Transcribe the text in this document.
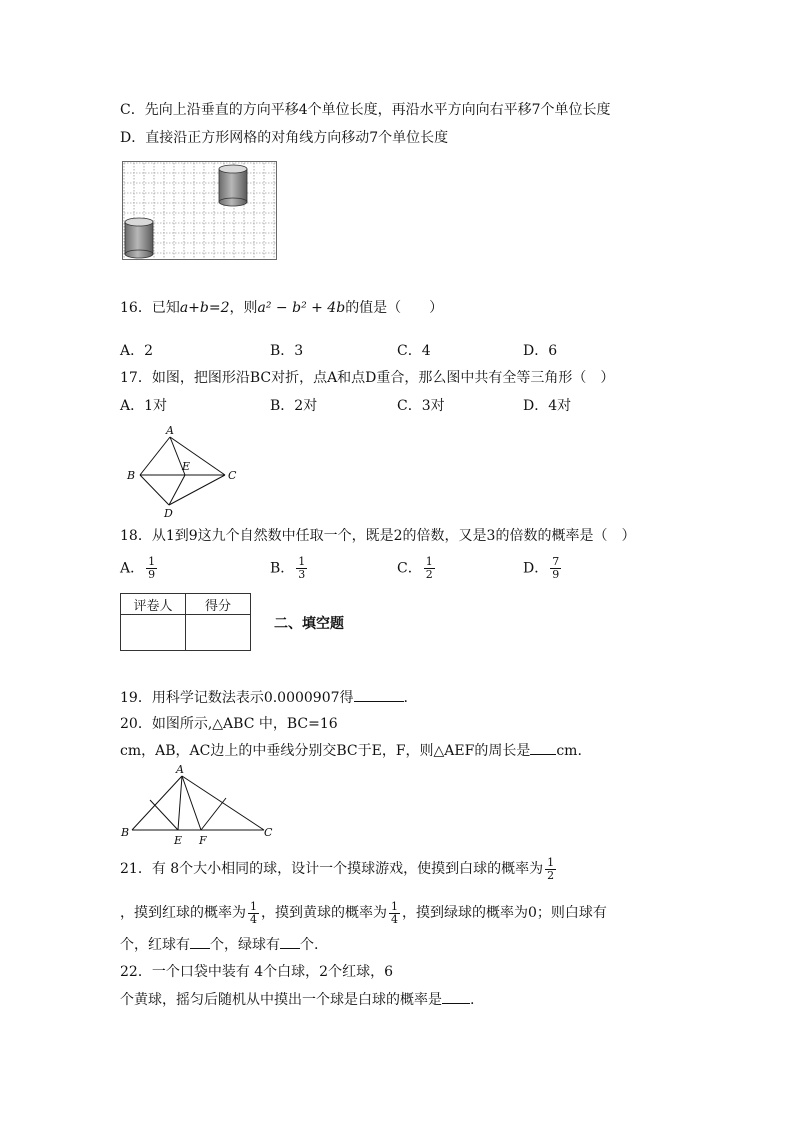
C．先向上沿垂直的方向平移4个单位长度，再沿水平方向向右平移7个单位长度
D．直接沿正方形网格的对角线方向移动7个单位长度
16．已知a+b=2，则a² − b² + 4b的值是（　　）
A．2	B．3	C．4	D．6
17．如图，把图形沿BC对折，点A和点D重合，那么图中共有全等三角形（　）
A．1对	B．2对	C．3对	D．4对
A
B	C
D
E
18．从1到9这九个自然数中任取一个，既是2的倍数，又是3的倍数的概率是（　）
A． $\frac{1}{9}$	B． $\frac{1}{3}$	C． $\frac{1}{2}$	D． $\frac{7}{9}$
评卷人	得分

二、填空题
19．用科学记数法表示0.0000907得	.
20．如图所示,△ABC 中，BC=16
cm，AB，AC边上的中垂线分别交BC于E，F，则△AEF的周长是 cm.
A
B
E F
C
21．有 8个大小相同的球，设计一个摸球游戏，使摸到白球的概率为 $\frac{1}{2}$
，摸到红球的概率为 $\frac{1}{4}$ ，摸到黄球的概率为 $\frac{1}{4}$ ，摸到绿球的概率为0；则白球有
个，红球有 个，绿球有 个.
22．一个口袋中装有 4个白球，2个红球，6
个黄球，摇匀后随机从中摸出一个球是白球的概率是 .
